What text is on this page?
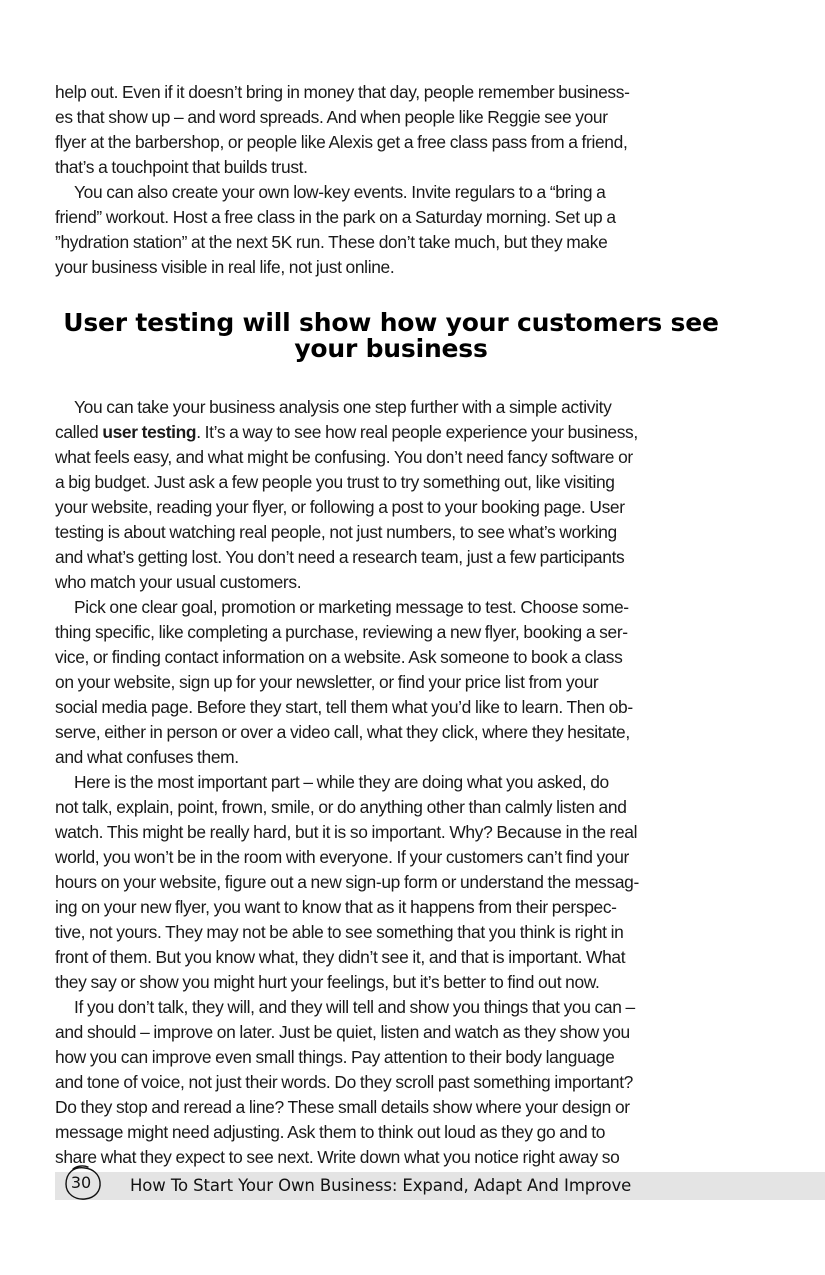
help out. Even if it doesn’t bring in money that day, people remember business-
es that show up – and word spreads. And when people like Reggie see your
flyer at the barbershop, or people like Alexis get a free class pass from a friend,
that’s a touchpoint that builds trust.

You can also create your own low-key events. Invite regulars to a “bring a
friend” workout. Host a free class in the park on a Saturday morning. Set up a
”hydration station” at the next 5K run. These don’t take much, but they make
your business visible in real life, not just online.

User testing will show how your customers see
your business

You can take your business analysis one step further with a simple activity
called user testing. It’s a way to see how real people experience your business,
what feels easy, and what might be confusing. You don’t need fancy software or
a big budget. Just ask a few people you trust to try something out, like visiting
your website, reading your flyer, or following a post to your booking page. User
testing is about watching real people, not just numbers, to see what’s working
and what’s getting lost. You don’t need a research team, just a few participants
who match your usual customers.

Pick one clear goal, promotion or marketing message to test. Choose some-
thing specific, like completing a purchase, reviewing a new flyer, booking a ser-
vice, or finding contact information on a website. Ask someone to book a class
on your website, sign up for your newsletter, or find your price list from your
social media page. Before they start, tell them what you’d like to learn. Then ob-
serve, either in person or over a video call, what they click, where they hesitate,
and what confuses them.

Here is the most important part – while they are doing what you asked, do
not talk, explain, point, frown, smile, or do anything other than calmly listen and
watch. This might be really hard, but it is so important. Why? Because in the real
world, you won’t be in the room with everyone. If your customers can’t find your
hours on your website, figure out a new sign-up form or understand the messag-
ing on your new flyer, you want to know that as it happens from their perspec-
tive, not yours. They may not be able to see something that you think is right in
front of them. But you know what, they didn’t see it, and that is important. What
they say or show you might hurt your feelings, but it’s better to find out now.

If you don’t talk, they will, and they will tell and show you things that you can –
and should – improve on later. Just be quiet, listen and watch as they show you
how you can improve even small things. Pay attention to their body language
and tone of voice, not just their words. Do they scroll past something important?
Do they stop and reread a line? These small details show where your design or
message might need adjusting. Ask them to think out loud as they go and to
share what they expect to see next. Write down what you notice right away so

30 How To Start Your Own Business: Expand, Adapt And Improve
